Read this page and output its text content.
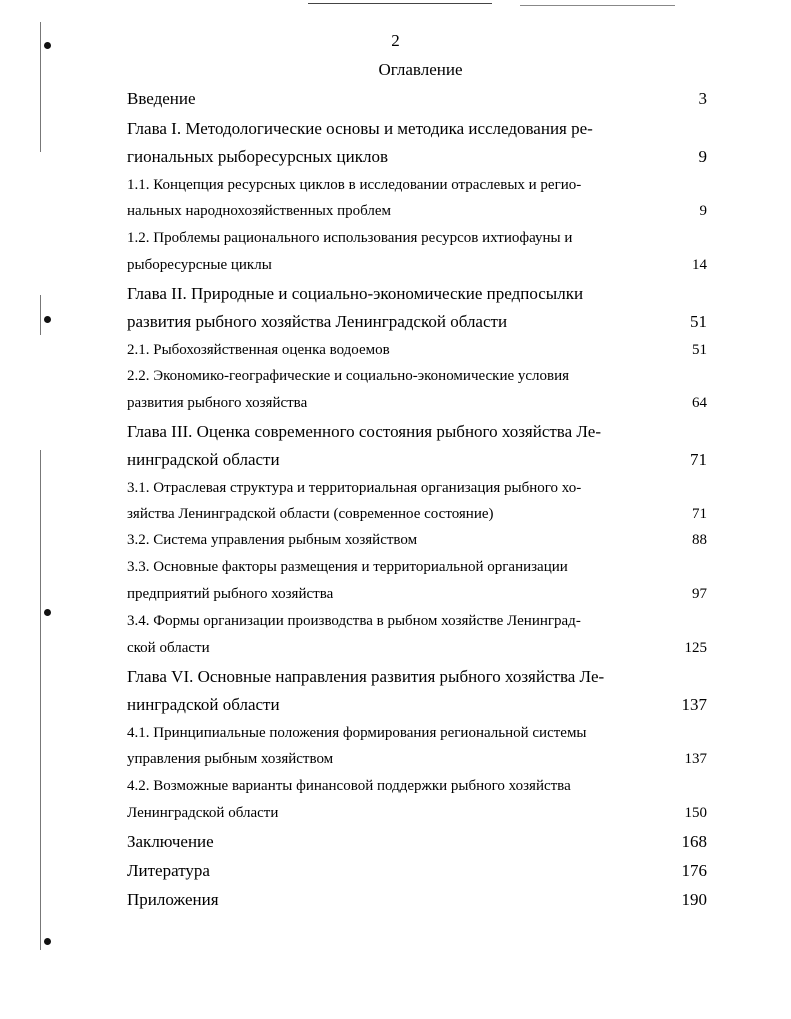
2
Оглавление
Введение	3
Глава I. Методологические основы и методика исследования ре-
гиональных рыборесурсных циклов	9
1.1. Концепция ресурсных циклов в исследовании отраслевых и регио-
нальных народнохозяйственных проблем	9
1.2. Проблемы рационального использования ресурсов ихтиофауны и
рыборесурсные циклы	14
Глава II. Природные и социально-экономические предпосылки
развития рыбного хозяйства Ленинградской области	51
2.1. Рыбохозяйственная оценка водоемов	51
2.2. Экономико-географические и социально-экономические условия
развития рыбного хозяйства	64
Глава III. Оценка современного состояния рыбного хозяйства Ле-
нинградской области	71
3.1. Отраслевая структура и территориальная организация рыбного хо-
зяйства Ленинградской области (современное состояние)	71
3.2. Система управления рыбным хозяйством	88
3.3. Основные факторы размещения и территориальной организации
предприятий рыбного хозяйства	97
3.4. Формы организации производства в рыбном хозяйстве Ленинград-
ской области	125
Глава VI. Основные направления развития рыбного хозяйства Ле-
нинградской области	137
4.1. Принципиальные положения формирования региональной системы
управления рыбным хозяйством	137
4.2. Возможные варианты финансовой поддержки рыбного хозяйства
Ленинградской области	150
Заключение	168
Литература	176
Приложения	190
